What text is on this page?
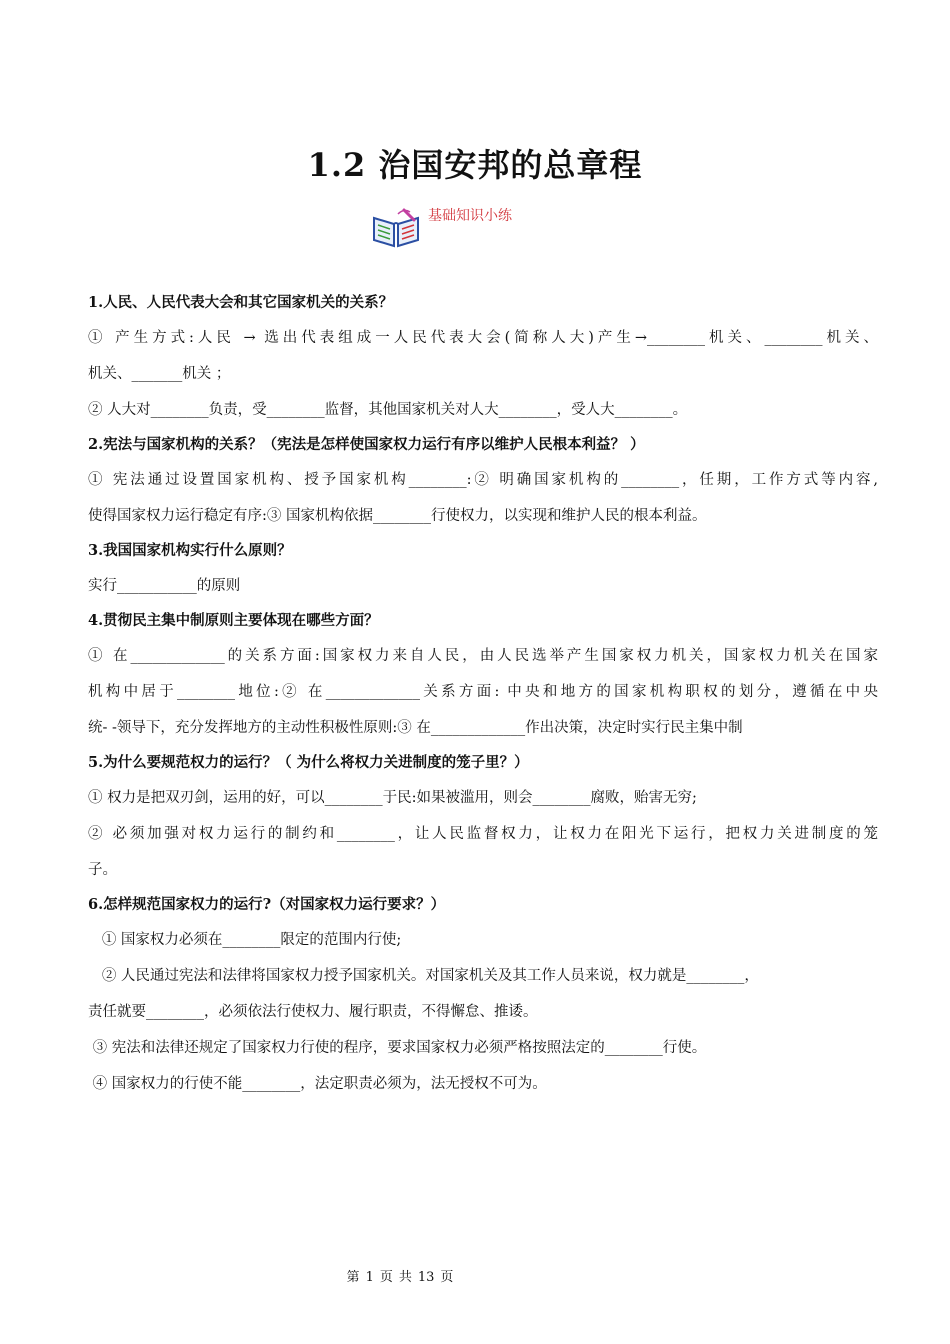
1.2 治国安邦的总章程
基础知识小练

1.人民、人民代表大会和其它国家机关的关系？

① 产生方式:人民 → 选出代表组成一人民代表大会(简称人大)产生→________机关、________机关、
机关、_______机关 ；
② 人大对________负责，受________监督，其他国家机关对人大________，受人大________。

2.宪法与国家机构的关系？（宪法是怎样使国家权力运行有序以维护人民根本利益？ ）

① 宪法通过设置国家机构、授予国家机构________:② 明确国家机构的________，任期，工作方式等内容,
使得国家权力运行稳定有序:③ 国家机构依据________行使权力，以实现和维护人民的根本利益。

3.我国国家机构实行什么原则？

实行___________的原则

4.贯彻民主集中制原则主要体现在哪些方面？

① 在_____________的关系方面:国家权力来自人民，由人民选举产生国家权力机关，国家权力机关在国家
机构中居于________地位:② 在_____________关系方面: 中央和地方的国家机构职权的划分，遵循在中央
统- -领导下，充分发挥地方的主动性积极性原则:③ 在_____________作出决策，决定时实行民主集中制

5.为什么要规范权力的运行？（ 为什么将权力关进制度的笼子里？）

① 权力是把双刃剑，运用的好，可以________于民:如果被滥用，则会________腐败，贻害无穷;
② 必须加强对权力运行的制约和________，让人民监督权力，让权力在阳光下运行，把权力关进制度的笼
子。

6.怎样规范国家权力的运行?（对国家权力运行要求？）

① 国家权力必须在________限定的范围内行使;
② 人民通过宪法和法律将国家权力授予国家机关。对国家机关及其工作人员来说，权力就是________，
责任就要________，必须依法行使权力、履行职责，不得懈怠、推诿。
③ 宪法和法律还规定了国家权力行使的程序，要求国家权力必须严格按照法定的________行使。
④ 国家权力的行使不能________，法定职责必须为，法无授权不可为。
第 1 页 共 13 页
